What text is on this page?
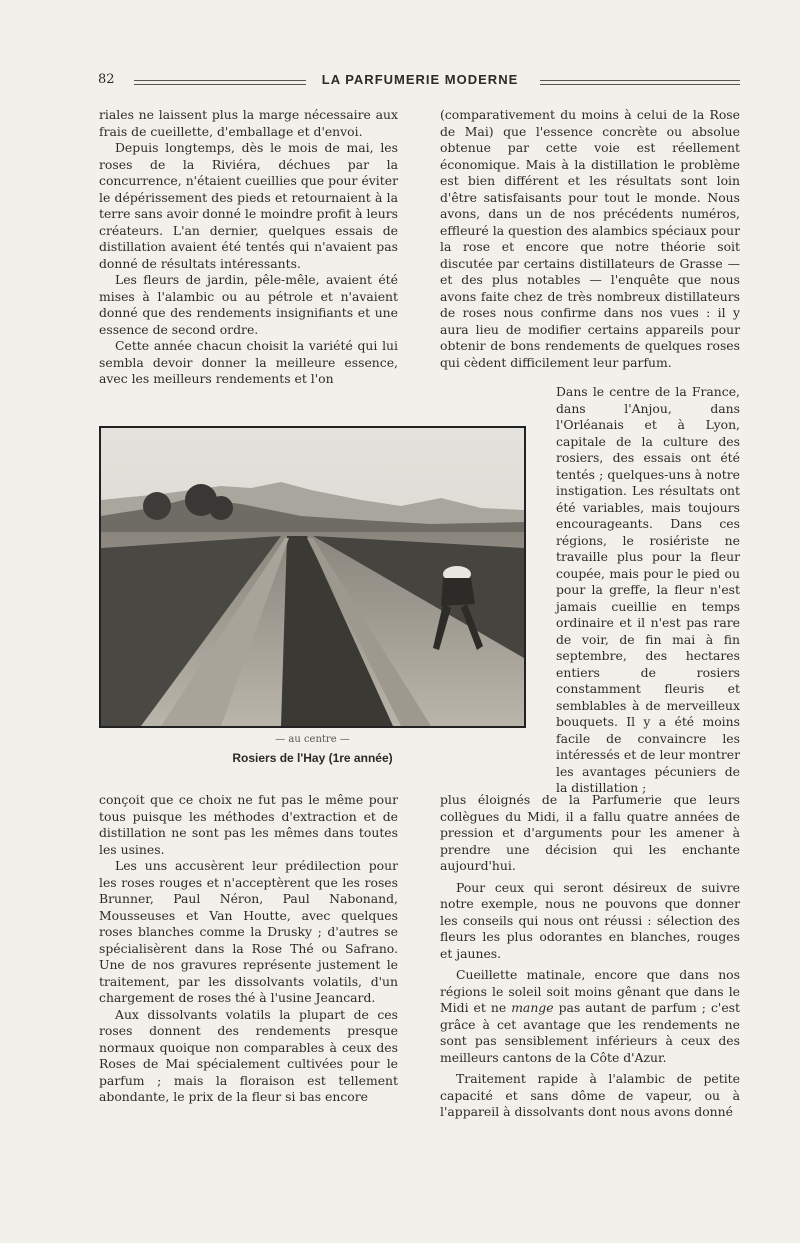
82	LA PARFUMERIE MODERNE

riales ne laissent plus la marge nécessaire aux frais de cueillette, d'emballage et d'envoi.

Depuis longtemps, dès le mois de mai, les roses de la Riviéra, déchues par la concurrence, n'étaient cueillies que pour éviter le dépérissement des pieds et retournaient à la terre sans avoir donné le moindre profit à leurs créateurs. L'an dernier, quelques essais de distillation avaient été tentés qui n'avaient pas donné de résultats intéressants.

Les fleurs de jardin, pêle-mêle, avaient été mises à l'alambic ou au pétrole et n'avaient donné que des rendements insignifiants et une essence de second ordre.

Cette année chacun choisit la variété qui lui sembla devoir donner la meilleure essence, avec les meilleurs rendements et l'on

(comparativement du moins à celui de la Rose de Mai) que l'essence concrète ou absolue obtenue par cette voie est réellement économique. Mais à la distillation le problème est bien différent et les résultats sont loin d'être satisfaisants pour tout le monde. Nous avons, dans un de nos précédents numéros, effleuré la question des alambics spéciaux pour la rose et encore que notre théorie soit discutée par certains distillateurs de Grasse — et des plus notables — l'enquête que nous avons faite chez de très nombreux distillateurs de roses nous confirme dans nos vues : il y aura lieu de modifier certains appareils pour obtenir de bons rendements de quelques roses qui cèdent difficilement leur parfum.

Dans le centre de la France, dans l'Anjou, dans l'Orléanais et à Lyon, capitale de la culture des rosiers, des essais ont été tentés ; quelques-uns à notre instigation. Les résultats ont été variables, mais toujours encourageants. Dans ces régions, le rosiériste ne travaille plus pour la fleur coupée, mais pour le pied ou pour la greffe, la fleur n'est jamais cueillie en temps ordinaire et il n'est pas rare de voir, de fin mai à fin septembre, des hectares entiers de rosiers constamment fleuris et semblables à de merveilleux bouquets. Il y a été moins facile de convaincre les intéressés et de leur montrer les avantages pécuniers de la distillation ;

— au centre —
Rosiers de l'Hay (1re année)

conçoit que ce choix ne fut pas le même pour tous puisque les méthodes d'extraction et de distillation ne sont pas les mêmes dans toutes les usines.

Les uns accusèrent leur prédilection pour les roses rouges et n'acceptèrent que les roses Brunner, Paul Néron, Paul Nabonand, Mousseuses et Van Houtte, avec quelques roses blanches comme la Drusky ; d'autres se spécialisèrent dans la Rose Thé ou Safrano. Une de nos gravures représente justement le traitement, par les dissolvants volatils, d'un chargement de roses thé à l'usine Jeancard.

Aux dissolvants volatils la plupart de ces roses donnent des rendements presque normaux quoique non comparables à ceux des Roses de Mai spécialement cultivées pour le parfum ; mais la floraison est tellement abondante, le prix de la fleur si bas encore

plus éloignés de la Parfumerie que leurs collègues du Midi, il a fallu quatre années de pression et d'arguments pour les amener à prendre une décision qui les enchante aujourd'hui.

Pour ceux qui seront désireux de suivre notre exemple, nous ne pouvons que donner les conseils qui nous ont réussi : sélection des fleurs les plus odorantes en blanches, rouges et jaunes.

Cueillette matinale, encore que dans nos régions le soleil soit moins gênant que dans le Midi et ne mange pas autant de parfum ; c'est grâce à cet avantage que les rendements ne sont pas sensiblement inférieurs à ceux des meilleurs cantons de la Côte d'Azur.

Traitement rapide à l'alambic de petite capacité et sans dôme de vapeur, ou à l'appareil à dissolvants dont nous avons donné
